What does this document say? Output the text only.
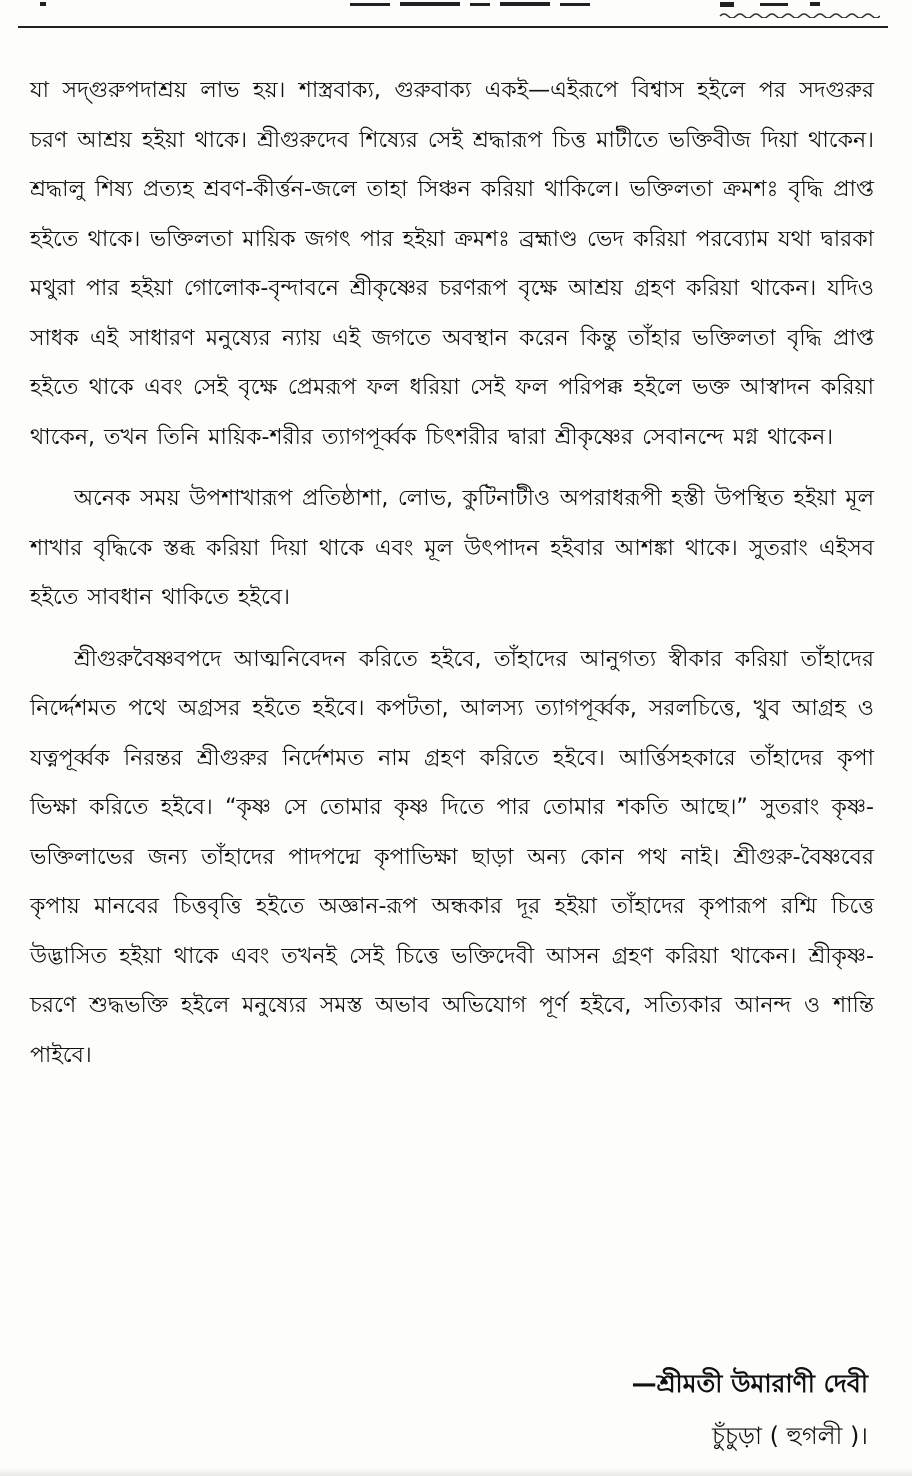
যা সদ্গুরুপদাশ্রয় লাভ হয়। শাস্ত্রবাক্য, গুরুবাক্য একই—এইরূপে বিশ্বাস হইলে পর সদগুরুর চরণ আশ্রয় হইয়া থাকে। শ্রীগুরুদেব শিষ্যের সেই শ্রদ্ধারূপ চিত্ত মাটীতে ভক্তিবীজ দিয়া থাকেন। শ্রদ্ধালু শিষ্য প্রত্যহ শ্রবণ-কীর্ত্তন-জলে তাহা সিঞ্চন করিয়া থাকিলে। ভক্তিলতা ক্রমশঃ বৃদ্ধি প্রাপ্ত হইতে থাকে। ভক্তিলতা মায়িক জগৎ পার হইয়া ক্রমশঃ ব্রহ্মাণ্ড ভেদ করিয়া পরব্যোম যথা দ্বারকা মথুরা পার হইয়া গোলোক-বৃন্দাবনে শ্রীকৃষ্ণের চরণরূপ বৃক্ষে আশ্রয় গ্রহণ করিয়া থাকেন। যদিও সাধক এই সাধারণ মনুষ্যের ন্যায় এই জগতে অবস্থান করেন কিন্তু তাঁহার ভক্তিলতা বৃদ্ধি প্রাপ্ত হইতে থাকে এবং সেই বৃক্ষে প্রেমরূপ ফল ধরিয়া সেই ফল পরিপক্ক হইলে ভক্ত আস্বাদন করিয়া থাকেন, তখন তিনি মায়িক-শরীর ত্যাগপূর্ব্বক চিৎশরীর দ্বারা শ্রীকৃষ্ণের সেবানন্দে মগ্ন থাকেন।

অনেক সময় উপশাখারূপ প্রতিষ্ঠাশা, লোভ, কুটিনাটীও অপরাধরূপী হস্তী উপস্থিত হইয়া মূল শাখার বৃদ্ধিকে স্তব্ধ করিয়া দিয়া থাকে এবং মূল উৎপাদন হইবার আশঙ্কা থাকে। সুতরাং এইসব হইতে সাবধান থাকিতে হইবে।

শ্রীগুরুবৈষ্ণবপদে আত্মনিবেদন করিতে হইবে, তাঁহাদের আনুগত্য স্বীকার করিয়া তাঁহাদের নির্দ্দেশমত পথে অগ্রসর হইতে হইবে। কপটতা, আলস্য ত্যাগপূর্ব্বক, সরলচিত্তে, খুব আগ্রহ ও যত্নপূর্ব্বক নিরন্তর শ্রীগুরুর নির্দেশমত নাম গ্রহণ করিতে হইবে। আর্ত্তিসহকারে তাঁহাদের কৃপা ভিক্ষা করিতে হইবে। “কৃষ্ণ সে তোমার কৃষ্ণ দিতে পার তোমার শকতি আছে।” সুতরাং কৃষ্ণ-ভক্তিলাভের জন্য তাঁহাদের পাদপদ্মে কৃপাভিক্ষা ছাড়া অন্য কোন পথ নাই। শ্রীগুরু-বৈষ্ণবের কৃপায় মানবের চিত্তবৃত্তি হইতে অজ্ঞান-রূপ অন্ধকার দূর হইয়া তাঁহাদের কৃপারূপ রশ্মি চিত্তে উদ্ভাসিত হইয়া থাকে এবং তখনই সেই চিত্তে ভক্তিদেবী আসন গ্রহণ করিয়া থাকেন। শ্রীকৃষ্ণ-চরণে শুদ্ধভক্তি হইলে মনুষ্যের সমস্ত অভাব অভিযোগ পূর্ণ হইবে, সত্যিকার আনন্দ ও শান্তি পাইবে।

—শ্রীমতী উমারাণী দেবী
চুঁচুড়া ( হুগলী )।
